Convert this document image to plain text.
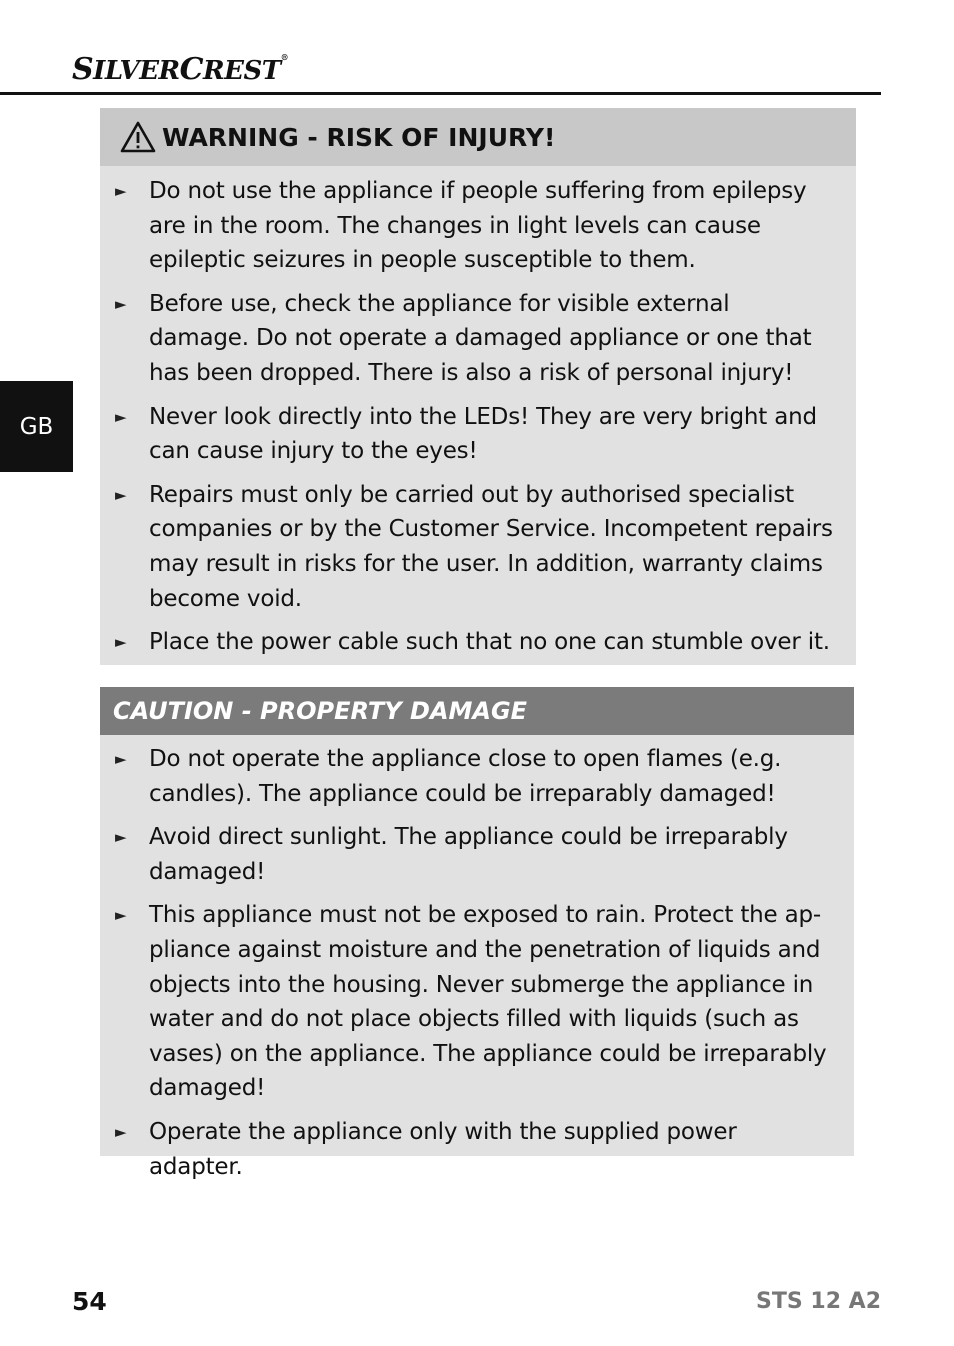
SILVERCREST®
GB
WARNING - RISK OF INJURY!
► Do not use the appliance if people suffering from epilepsy are in the room. The changes in light levels can cause epileptic seizures in people susceptible to them.
► Before use, check the appliance for visible external damage. Do not operate a damaged appliance or one that has been dropped. There is also a risk of personal injury!
► Never look directly into the LEDs! They are very bright and can cause injury to the eyes!
► Repairs must only be carried out by authorised specialist companies or by the Customer Service. Incompetent repairs may result in risks for the user. In addition, warranty claims become void.
► Place the power cable such that no one can stumble over it.
CAUTION - PROPERTY DAMAGE
► Do not operate the appliance close to open flames (e.g. candles). The appliance could be irreparably damaged!
► Avoid direct sunlight. The appliance could be irreparably damaged!
► This appliance must not be exposed to rain. Protect the appliance against moisture and the penetration of liquids and objects into the housing. Never submerge the appliance in water and do not place objects filled with liquids (such as vases) on the appliance. The appliance could be irreparably damaged!
► Operate the appliance only with the supplied power adapter.
54	STS 12 A2
